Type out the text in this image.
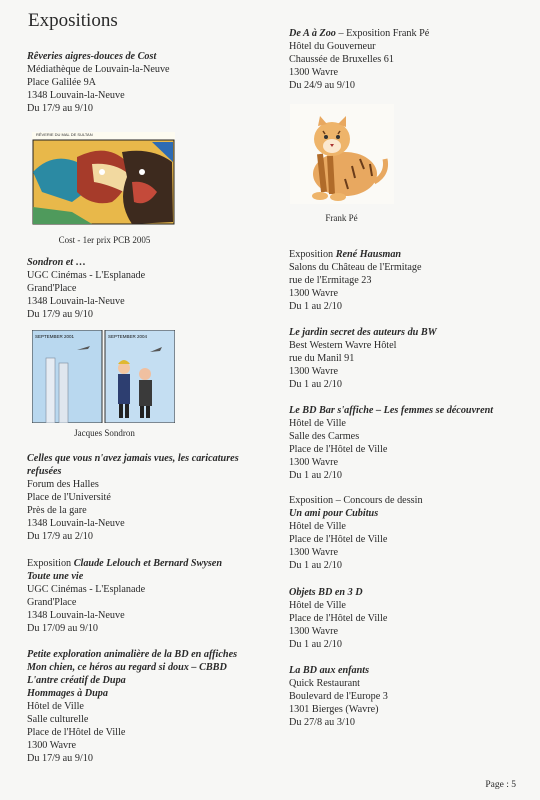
Expositions
Rêveries aigres-douces de Cost
Médiathèque de Louvain-la-Neuve
Place Galilée 9A
1348 Louvain-la-Neuve
Du 17/9 au 9/10
RÊVERIE DU MAL DE SULTAN
Cost - 1er prix PCB 2005
Sondron et …
UGC Cinémas - L'Esplanade
Grand'Place
1348 Louvain-la-Neuve
Du 17/9 au 9/10
SEPTEMBER 2001	SEPTEMBER 2004
Jacques Sondron
Celles que vous n'avez jamais vues, les caricatures
refusées
Forum des Halles
Place de l'Université
Près de la gare
1348 Louvain-la-Neuve
Du 17/9 au 2/10
Exposition Claude Lelouch et Bernard Swysen
Toute une vie
UGC Cinémas - L'Esplanade
Grand'Place
1348 Louvain-la-Neuve
Du 17/09 au 9/10
Petite exploration animalière de la BD en affiches
Mon chien, ce héros au regard si doux – CBBD
L'antre créatif de Dupa
Hommages à Dupa
Hôtel de Ville
Salle culturelle
Place de l'Hôtel de Ville
1300 Wavre
Du 17/9 au 9/10
De A à Zoo – Exposition Frank Pé
Hôtel du Gouverneur
Chaussée de Bruxelles 61
1300 Wavre
Du 24/9 au 9/10
Frank Pé
Exposition René Hausman
Salons du Château de l'Ermitage
rue de l'Ermitage 23
1300 Wavre
Du 1 au 2/10
Le jardin secret des auteurs du BW
Best Western Wavre Hôtel
rue du Manil 91
1300 Wavre
Du 1 au 2/10
Le BD Bar s'affiche – Les femmes se découvrent
Hôtel de Ville
Salle des Carmes
Place de l'Hôtel de Ville
1300 Wavre
Du 1 au 2/10
Exposition – Concours de dessin
Un ami pour Cubitus
Hôtel de Ville
Place de l'Hôtel de Ville
1300 Wavre
Du 1 au 2/10
Objets BD en 3 D
Hôtel de Ville
Place de l'Hôtel de Ville
1300 Wavre
Du 1 au 2/10
La BD aux enfants
Quick Restaurant
Boulevard de l'Europe 3
1301 Bierges (Wavre)
Du 27/8 au 3/10
Page : 5
